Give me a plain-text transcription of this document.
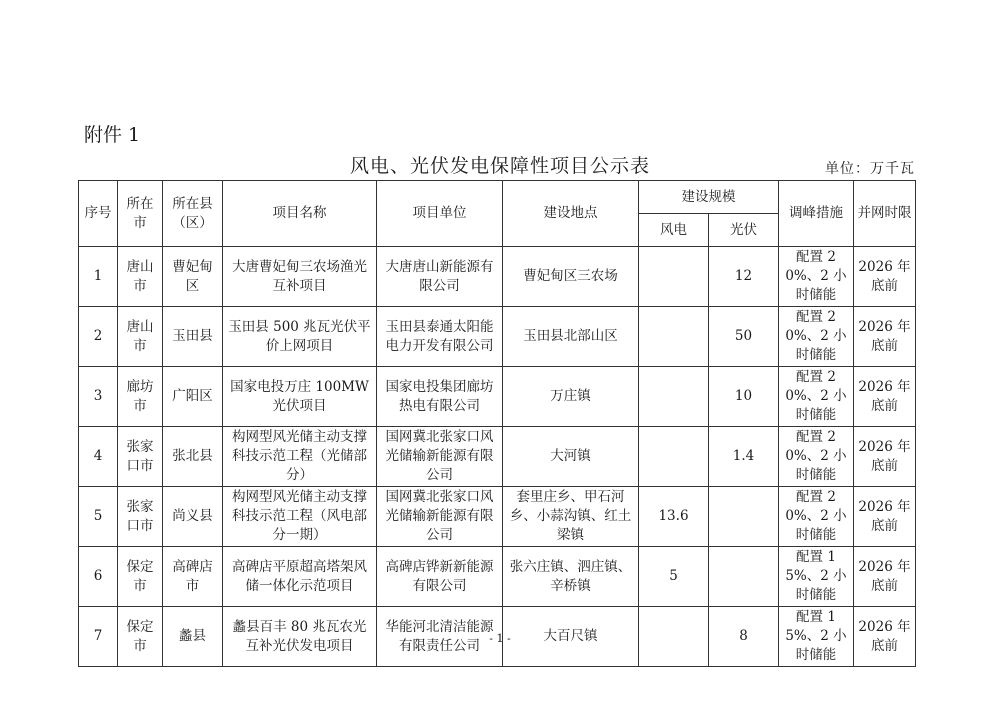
附件 1
风电、光伏发电保障性项目公示表	单位：万千瓦
序号	所在市	所在县（区）	项目名称	项目单位	建设地点	建设规模		调峰措施	并网时限
						风电	光伏		
1	唐山市	曹妃甸区	大唐曹妃甸三农场渔光互补项目	大唐唐山新能源有限公司	曹妃甸区三农场		12	配置 20%、2 小时储能	2026 年底前
2	唐山市	玉田县	玉田县 500 兆瓦光伏平价上网项目	玉田县泰通太阳能电力开发有限公司	玉田县北部山区		50	配置 20%、2 小时储能	2026 年底前
3	廊坊市	广阳区	国家电投万庄 100MW 光伏项目	国家电投集团廊坊热电有限公司	万庄镇		10	配置 20%、2 小时储能	2026 年底前
4	张家口市	张北县	构网型风光储主动支撑科技示范工程（光储部分）	国网冀北张家口风光储输新能源有限公司	大河镇		1.4	配置 20%、2 小时储能	2026 年底前
5	张家口市	尚义县	构网型风光储主动支撑科技示范工程（风电部分一期）	国网冀北张家口风光储输新能源有限公司	套里庄乡、甲石河乡、小蒜沟镇、红土梁镇	13.6		配置 20%、2 小时储能	2026 年底前
6	保定市	高碑店市	高碑店平原超高塔架风储一体化示范项目	高碑店铧新新能源有限公司	张六庄镇、泗庄镇、辛桥镇	5		配置 15%、2 小时储能	2026 年底前
7	保定市	蠡县	蠡县百丰 80 兆瓦农光互补光伏发电项目	华能河北清洁能源有限责任公司	大百尺镇		8	配置 15%、2 小时储能	2026 年底前
- 1 -
